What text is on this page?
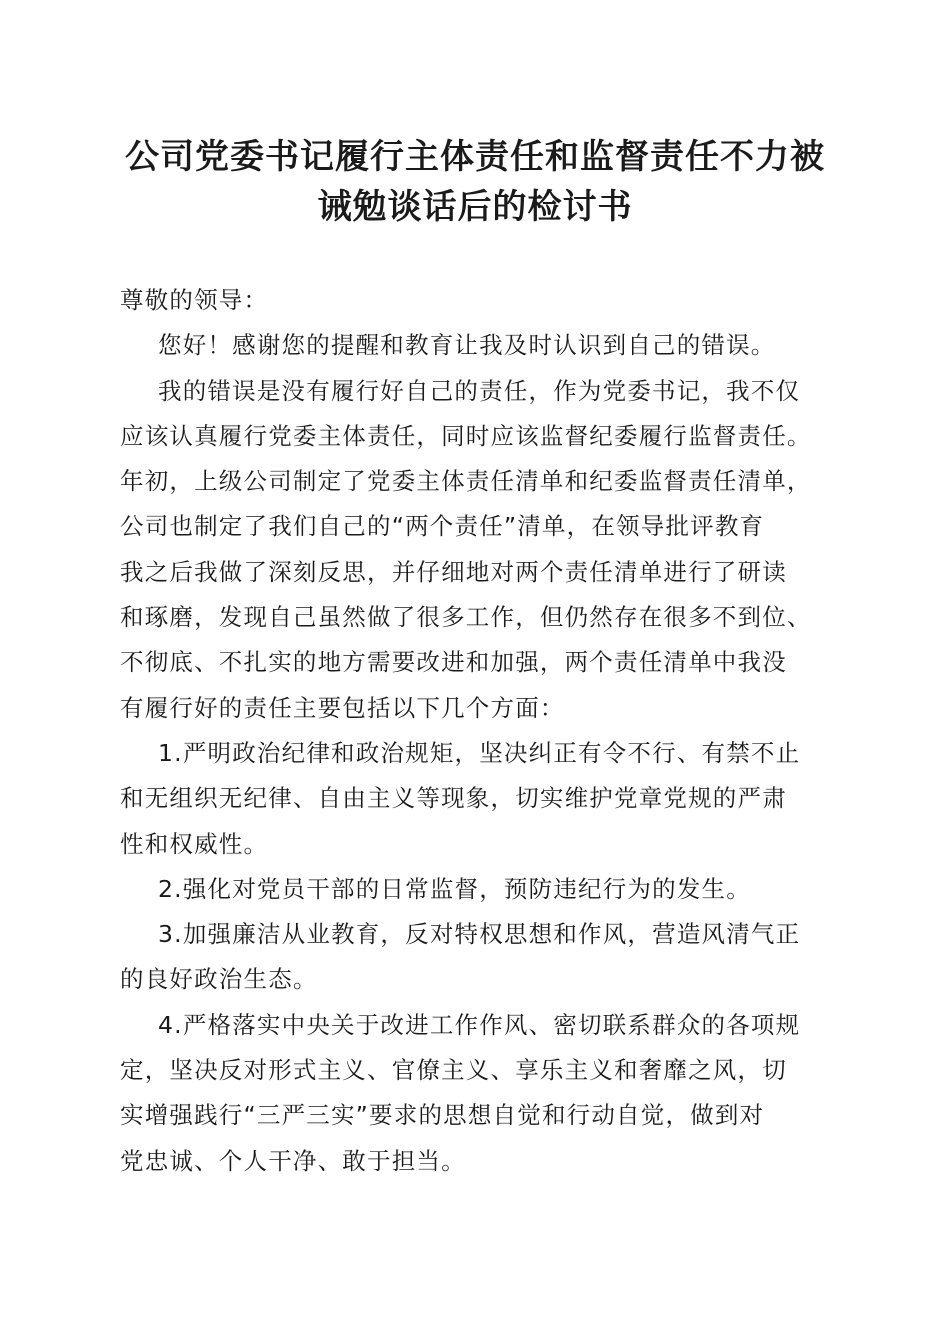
公司党委书记履行主体责任和监督责任不力被
诫勉谈话后的检讨书
尊敬的领导：
您好！感谢您的提醒和教育让我及时认识到自己的错误。
我的错误是没有履行好自己的责任，作为党委书记，我不仅
应该认真履行党委主体责任，同时应该监督纪委履行监督责任。
年初，上级公司制定了党委主体责任清单和纪委监督责任清单，
公司也制定了我们自己的“两个责任”清单，在领导批评教育
我之后我做了深刻反思，并仔细地对两个责任清单进行了研读
和琢磨，发现自己虽然做了很多工作，但仍然存在很多不到位、
不彻底、不扎实的地方需要改进和加强，两个责任清单中我没
有履行好的责任主要包括以下几个方面：
1.严明政治纪律和政治规矩，坚决纠正有令不行、有禁不止
和无组织无纪律、自由主义等现象，切实维护党章党规的严肃
性和权威性。
2.强化对党员干部的日常监督，预防违纪行为的发生。
3.加强廉洁从业教育，反对特权思想和作风，营造风清气正
的良好政治生态。
4.严格落实中央关于改进工作作风、密切联系群众的各项规
定，坚决反对形式主义、官僚主义、享乐主义和奢靡之风，切
实增强践行“三严三实”要求的思想自觉和行动自觉，做到对
党忠诚、个人干净、敢于担当。
